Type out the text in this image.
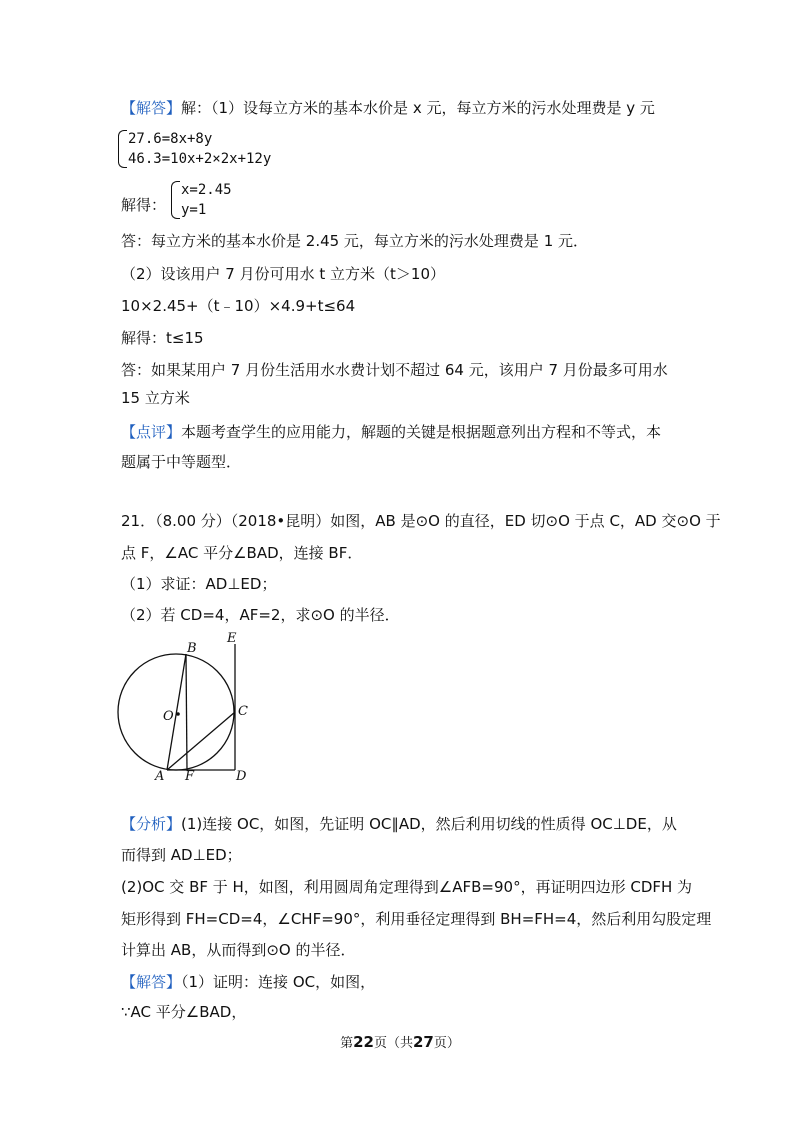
【解答】解：（1）设每立方米的基本水价是 x 元，每立方米的污水处理费是 y 元
27.6=8x+8y
46.3=10x+2×2x+12y
解得：
x=2.45
y=1
答：每立方米的基本水价是 2.45 元，每立方米的污水处理费是 1 元．
（2）设该用户 7 月份可用水 t 立方米（t＞10）
10×2.45+（t﹣10）×4.9+t≤64
解得：t≤15
答：如果某用户 7 月份生活用水水费计划不超过 64 元，该用户 7 月份最多可用水
15 立方米
【点评】本题考查学生的应用能力，解题的关键是根据题意列出方程和不等式，本
题属于中等题型．
21．（8.00 分）（2018•昆明）如图，AB 是⊙O 的直径，ED 切⊙O 于点 C，AD 交⊙O 于
点 F，∠AC 平分∠BAD，连接 BF．
（1）求证：AD⊥ED；
（2）若 CD=4，AF=2，求⊙O 的半径．
B
E
O	C
A F	D
【分析】(1)连接 OC，如图，先证明 OC∥AD，然后利用切线的性质得 OC⊥DE，从
而得到 AD⊥ED；
(2)OC 交 BF 于 H，如图，利用圆周角定理得到∠AFB=90°，再证明四边形 CDFH 为
矩形得到 FH=CD=4，∠CHF=90°，利用垂径定理得到 BH=FH=4，然后利用勾股定理
计算出 AB，从而得到⊙O 的半径．
【解答】（1）证明：连接 OC，如图，
∵AC 平分∠BAD，
第22页（共27页）
